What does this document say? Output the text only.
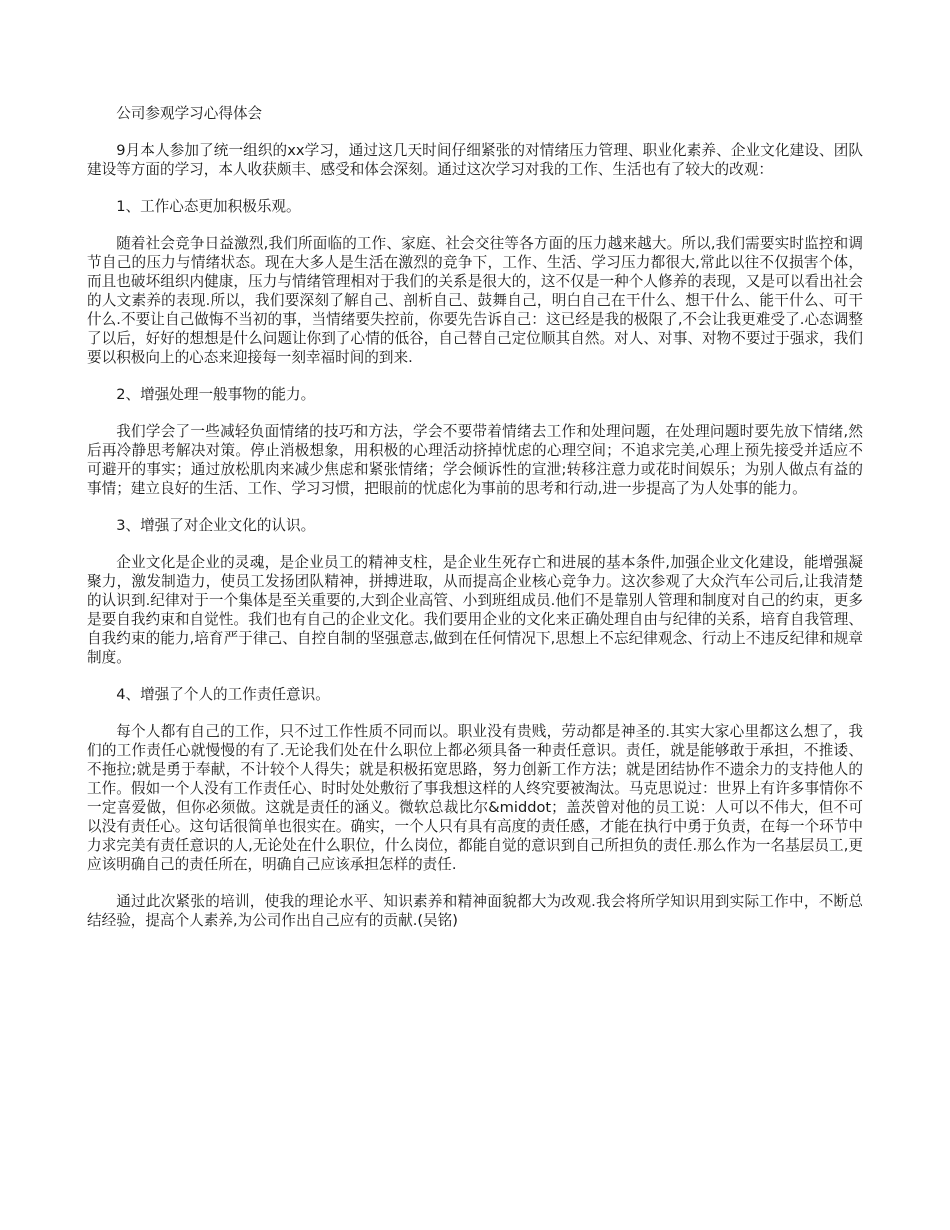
公司参观学习心得体会

9月本人参加了统一组织的xx学习，通过这几天时间仔细紧张的对情绪压力管理、职业化素养、企业文化建设、团队建设等方面的学习，本人收获颇丰、感受和体会深刻。通过这次学习对我的工作、生活也有了较大的改观：

1、工作心态更加积极乐观。

随着社会竞争日益激烈,我们所面临的工作、家庭、社会交往等各方面的压力越来越大。所以,我们需要实时监控和调节自己的压力与情绪状态。现在大多人是生活在激烈的竞争下，工作、生活、学习压力都很大,常此以往不仅损害个体，而且也破坏组织内健康，压力与情绪管理相对于我们的关系是很大的，这不仅是一种个人修养的表现，又是可以看出社会的人文素养的表现.所以，我们要深刻了解自己、剖析自己、鼓舞自己，明白自己在干什么、想干什么、能干什么、可干什么.不要让自己做悔不当初的事，当情绪要失控前，你要先告诉自己：这已经是我的极限了,不会让我更难受了.心态调整了以后，好好的想想是什么问题让你到了心情的低谷，自己替自己定位顺其自然。对人、对事、对物不要过于强求，我们要以积极向上的心态来迎接每一刻幸福时间的到来.

2、增强处理一般事物的能力。

我们学会了一些减轻负面情绪的技巧和方法，学会不要带着情绪去工作和处理问题，在处理问题时要先放下情绪,然后再冷静思考解决对策。停止消极想象，用积极的心理活动挤掉忧虑的心理空间；不追求完美,心理上预先接受并适应不可避开的事实；通过放松肌肉来减少焦虑和紧张情绪；学会倾诉性的宣泄;转移注意力或花时间娱乐；为别人做点有益的事情；建立良好的生活、工作、学习习惯，把眼前的忧虑化为事前的思考和行动,进一步提高了为人处事的能力。

3、增强了对企业文化的认识。

企业文化是企业的灵魂，是企业员工的精神支柱，是企业生死存亡和进展的基本条件,加强企业文化建设，能增强凝聚力，激发制造力，使员工发扬团队精神，拼搏进取，从而提高企业核心竞争力。这次参观了大众汽车公司后,让我清楚的认识到.纪律对于一个集体是至关重要的,大到企业高管、小到班组成员.他们不是靠别人管理和制度对自己的约束，更多是要自我约束和自觉性。我们也有自己的企业文化。我们要用企业的文化来正确处理自由与纪律的关系，培育自我管理、自我约束的能力,培育严于律己、自控自制的坚强意志,做到在任何情况下,思想上不忘纪律观念、行动上不违反纪律和规章制度。

4、增强了个人的工作责任意识。

每个人都有自己的工作，只不过工作性质不同而以。职业没有贵贱，劳动都是神圣的.其实大家心里都这么想了，我们的工作责任心就慢慢的有了.无论我们处在什么职位上都必须具备一种责任意识。责任，就是能够敢于承担，不推诿、不拖拉;就是勇于奉献，不计较个人得失；就是积极拓宽思路，努力创新工作方法；就是团结协作不遗余力的支持他人的工作。假如一个人没有工作责任心、时时处处敷衍了事我想这样的人终究要被淘汰。马克思说过：世界上有许多事情你不一定喜爱做，但你必须做。这就是责任的涵义。微软总裁比尔&middot；盖茨曾对他的员工说：人可以不伟大，但不可以没有责任心。这句话很简单也很实在。确实，一个人只有具有高度的责任感，才能在执行中勇于负责，在每一个环节中力求完美有责任意识的人,无论处在什么职位，什么岗位，都能自觉的意识到自己所担负的责任.那么作为一名基层员工,更应该明确自己的责任所在，明确自己应该承担怎样的责任.

通过此次紧张的培训，使我的理论水平、知识素养和精神面貌都大为改观.我会将所学知识用到实际工作中，不断总结经验，提高个人素养,为公司作出自己应有的贡献.(吴铭)
